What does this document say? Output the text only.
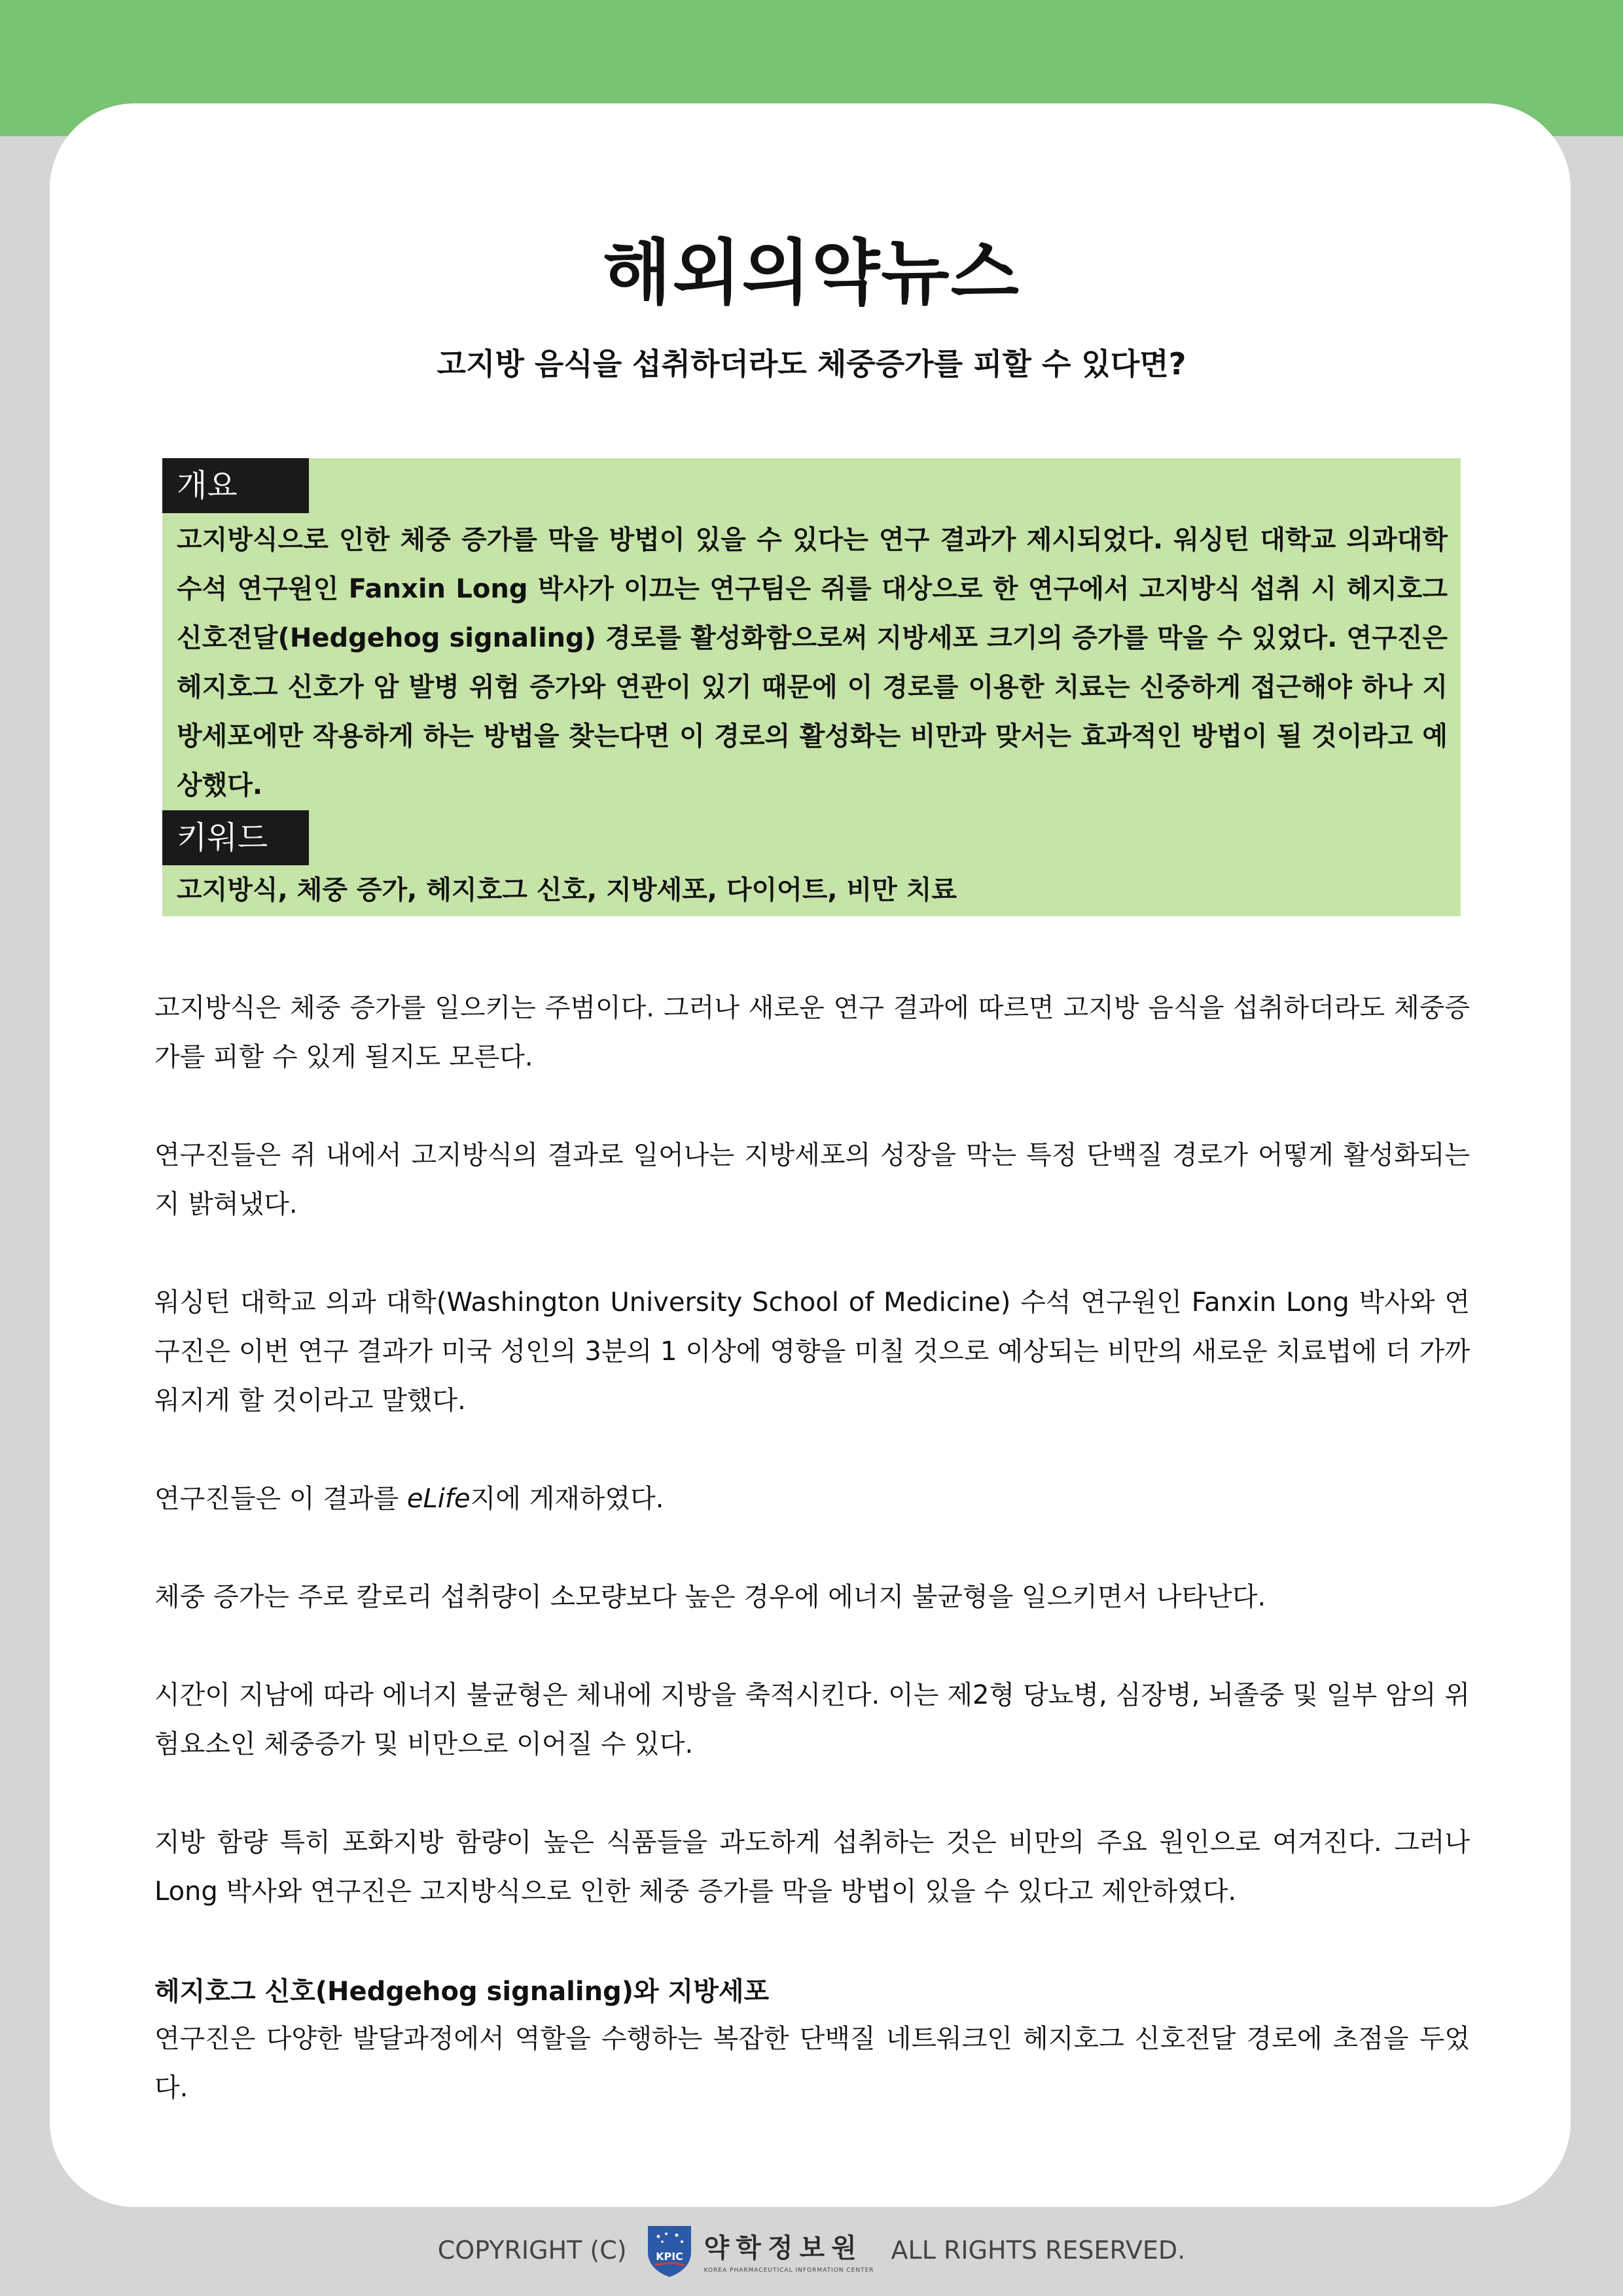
해외의약뉴스
고지방 음식을 섭취하더라도 체중증가를 피할 수 있다면?
개요
고지방식으로 인한 체중 증가를 막을 방법이 있을 수 있다는 연구 결과가 제시되었다. 워싱턴 대학교 의과대학 수석 연구원인 Fanxin Long 박사가 이끄는 연구팀은 쥐를 대상으로 한 연구에서 고지방식 섭취 시 헤지호그 신호전달(Hedgehog signaling) 경로를 활성화함으로써 지방세포 크기의 증가를 막을 수 있었다. 연구진은 헤지호그 신호가 암 발병 위험 증가와 연관이 있기 때문에 이 경로를 이용한 치료는 신중하게 접근해야 하나 지방세포에만 작용하게 하는 방법을 찾는다면 이 경로의 활성화는 비만과 맞서는 효과적인 방법이 될 것이라고 예상했다.
키워드
고지방식, 체중 증가, 헤지호그 신호, 지방세포, 다이어트, 비만 치료
고지방식은 체중 증가를 일으키는 주범이다. 그러나 새로운 연구 결과에 따르면 고지방 음식을 섭취하더라도 체중증가를 피할 수 있게 될지도 모른다.
연구진들은 쥐 내에서 고지방식의 결과로 일어나는 지방세포의 성장을 막는 특정 단백질 경로가 어떻게 활성화되는지 밝혀냈다.
워싱턴 대학교 의과 대학(Washington University School of Medicine) 수석 연구원인 Fanxin Long 박사와 연구진은 이번 연구 결과가 미국 성인의 3분의 1 이상에 영향을 미칠 것으로 예상되는 비만의 새로운 치료법에 더 가까워지게 할 것이라고 말했다.
연구진들은 이 결과를 eLife지에 게재하였다.
체중 증가는 주로 칼로리 섭취량이 소모량보다 높은 경우에 에너지 불균형을 일으키면서 나타난다.
시간이 지남에 따라 에너지 불균형은 체내에 지방을 축적시킨다. 이는 제2형 당뇨병, 심장병, 뇌졸중 및 일부 암의 위험요소인 체중증가 및 비만으로 이어질 수 있다.
지방 함량 특히 포화지방 함량이 높은 식품들을 과도하게 섭취하는 것은 비만의 주요 원인으로 여겨진다. 그러나 Long 박사와 연구진은 고지방식으로 인한 체중 증가를 막을 방법이 있을 수 있다고 제안하였다.
헤지호그 신호(Hedgehog signaling)와 지방세포
연구진은 다양한 발달과정에서 역할을 수행하는 복잡한 단백질 네트워크인 헤지호그 신호전달 경로에 초점을 두었다.
COPYRIGHT (C)	KPIC 약학정보원
KOREA PHARMACEUTICAL INFORMATION CENTER
ALL RIGHTS RESERVED.
